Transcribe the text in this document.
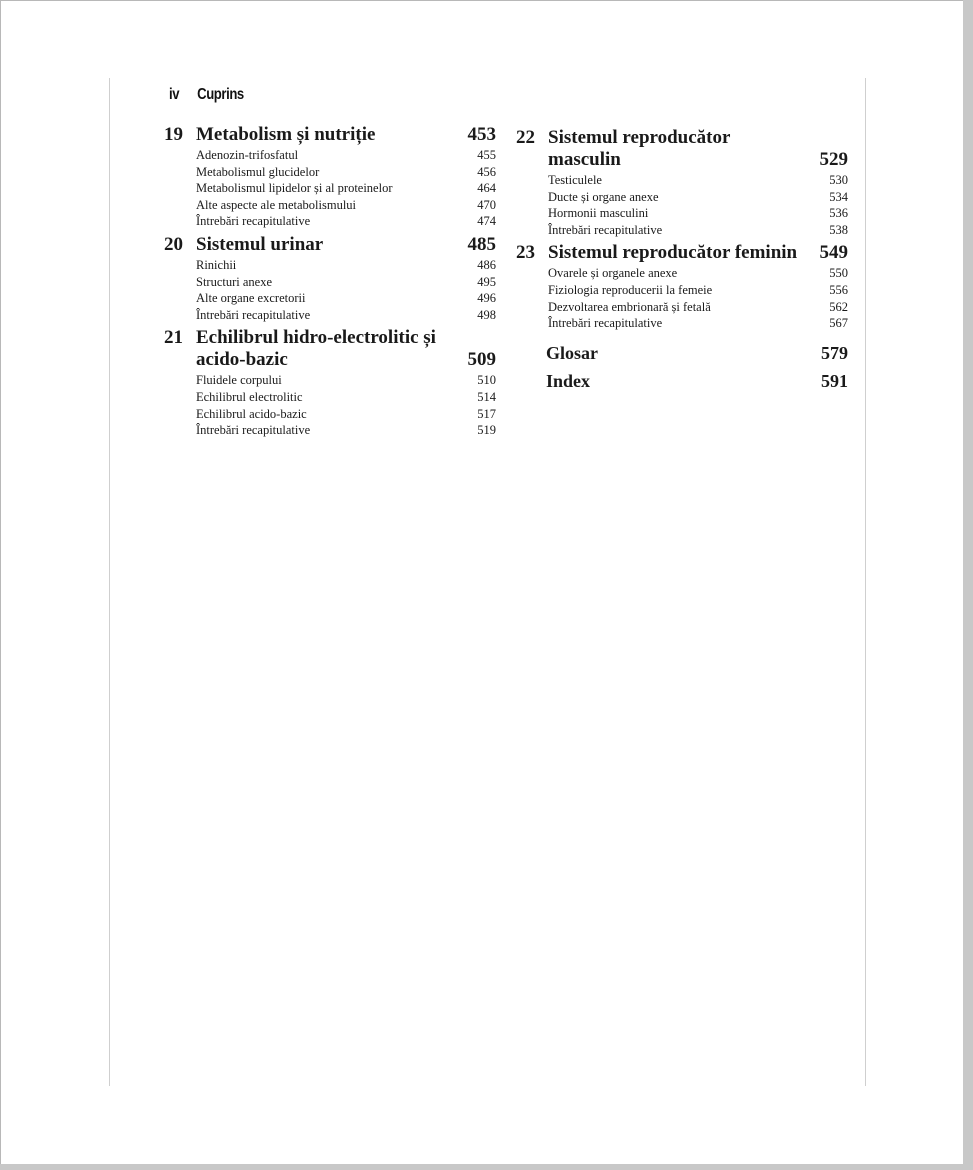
iv Cuprins
19 Metabolism și nutriție	453
Adenozin-trifosfatul	455
Metabolismul glucidelor	456
Metabolismul lipidelor și al proteinelor	464
Alte aspecte ale metabolismului	470
Întrebări recapitulative	474
20 Sistemul urinar	485
Rinichii	486
Structuri anexe	495
Alte organe excretorii	496
Întrebări recapitulative	498
21 Echilibrul hidro-electrolitic și
acido-bazic	509
Fluidele corpului	510
Echilibrul electrolitic	514
Echilibrul acido-bazic	517
Întrebări recapitulative	519
22 Sistemul reproducător masculin	529
Testiculele	530
Ducte și organe anexe	534
Hormonii masculini	536
Întrebări recapitulative	538
23 Sistemul reproducător feminin	549
Ovarele și organele anexe	550
Fiziologia reproducerii la femeie	556
Dezvoltarea embrionară și fetală	562
Întrebări recapitulative	567
Glosar	579
Index	591
